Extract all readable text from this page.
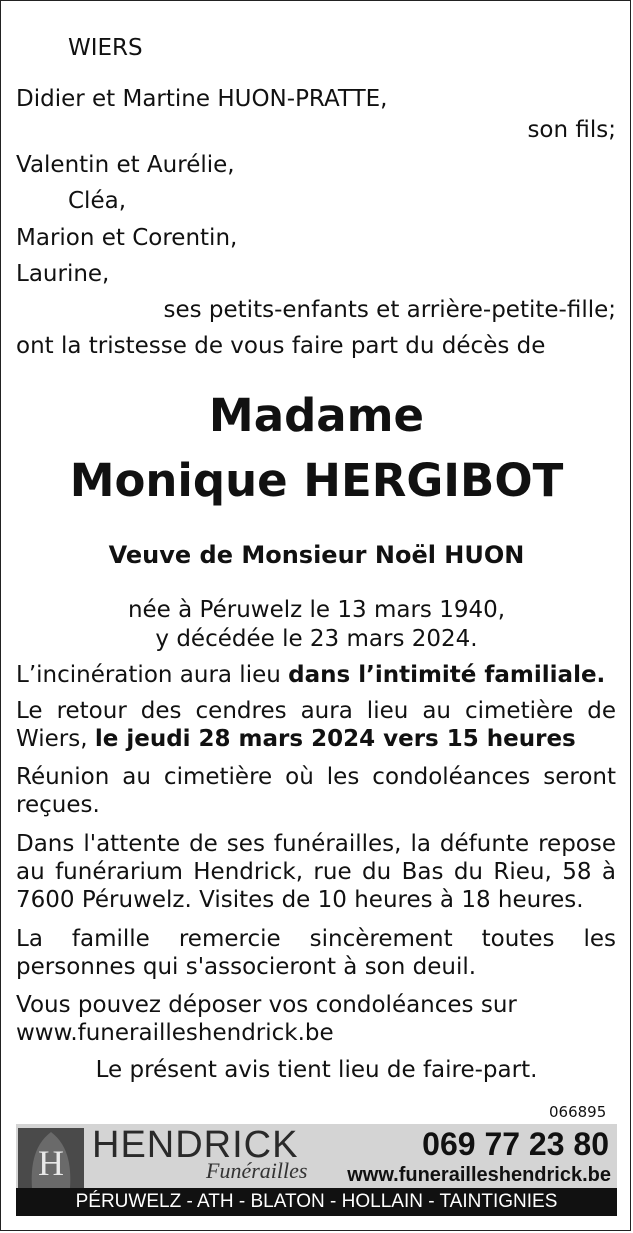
WIERS
Didier et Martine HUON-PRATTE,
son fils;
Valentin et Aurélie,
Cléa,
Marion et Corentin,
Laurine,
ses petits-enfants et arrière-petite-fille;
ont la tristesse de vous faire part du décès de
Madame
Monique HERGIBOT
Veuve de Monsieur Noël HUON
née à Péruwelz le 13 mars 1940,
y décédée le 23 mars 2024.
L’incinération aura lieu dans l’intimité familiale.
Le retour des cendres aura lieu au cimetière de Wiers, le jeudi 28 mars 2024 vers 15 heures
Réunion au cimetière où les condoléances seront reçues.
Dans l'attente de ses funérailles, la défunte repose au funérarium Hendrick, rue du Bas du Rieu, 58 à 7600 Péruwelz. Visites de 10 heures à 18 heures.
La famille remercie sincèrement toutes les personnes qui s'associeront à son deuil.
Vous pouvez déposer vos condoléances sur
www.funerailleshendrick.be
Le présent avis tient lieu de faire-part.
066895
H HENDRICK
Funérailles
069 77 23 80
www.funerailleshendrick.be
PÉRUWELZ - ATH - BLATON - HOLLAIN - TAINTIGNIES
